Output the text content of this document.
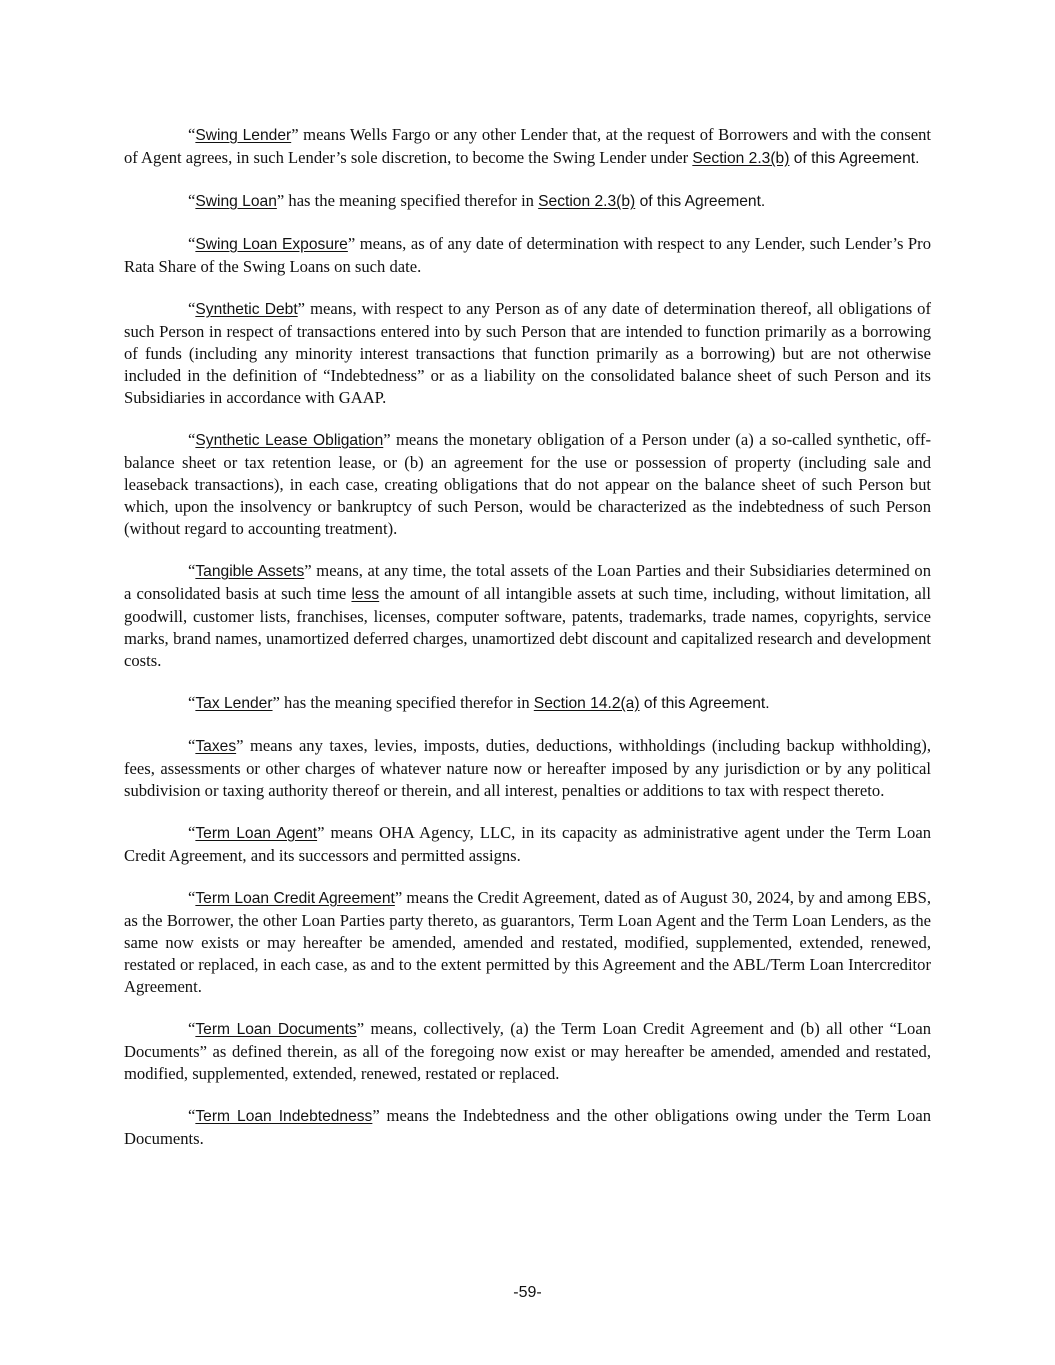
“Swing Lender” means Wells Fargo or any other Lender that, at the request of Borrowers and with the consent of Agent agrees, in such Lender’s sole discretion, to become the Swing Lender under Section 2.3(b) of this Agreement.

“Swing Loan” has the meaning specified therefor in Section 2.3(b) of this Agreement.

“Swing Loan Exposure” means, as of any date of determination with respect to any Lender, such Lender’s Pro Rata Share of the Swing Loans on such date.

“Synthetic Debt” means, with respect to any Person as of any date of determination thereof, all obligations of such Person in respect of transactions entered into by such Person that are intended to function primarily as a borrowing of funds (including any minority interest transactions that function primarily as a borrowing) but are not otherwise included in the definition of “Indebtedness” or as a liability on the consolidated balance sheet of such Person and its Subsidiaries in accordance with GAAP.

“Synthetic Lease Obligation” means the monetary obligation of a Person under (a) a so-called synthetic, off-balance sheet or tax retention lease, or (b) an agreement for the use or possession of property (including sale and leaseback transactions), in each case, creating obligations that do not appear on the balance sheet of such Person but which, upon the insolvency or bankruptcy of such Person, would be characterized as the indebtedness of such Person (without regard to accounting treatment).

“Tangible Assets” means, at any time, the total assets of the Loan Parties and their Subsidiaries determined on a consolidated basis at such time less the amount of all intangible assets at such time, including, without limitation, all goodwill, customer lists, franchises, licenses, computer software, patents, trademarks, trade names, copyrights, service marks, brand names, unamortized deferred charges, unamortized debt discount and capitalized research and development costs.

“Tax Lender” has the meaning specified therefor in Section 14.2(a) of this Agreement.

“Taxes” means any taxes, levies, imposts, duties, deductions, withholdings (including backup withholding), fees, assessments or other charges of whatever nature now or hereafter imposed by any jurisdiction or by any political subdivision or taxing authority thereof or therein, and all interest, penalties or additions to tax with respect thereto.

“Term Loan Agent” means OHA Agency, LLC, in its capacity as administrative agent under the Term Loan Credit Agreement, and its successors and permitted assigns.

“Term Loan Credit Agreement” means the Credit Agreement, dated as of August 30, 2024, by and among EBS, as the Borrower, the other Loan Parties party thereto, as guarantors, Term Loan Agent and the Term Loan Lenders, as the same now exists or may hereafter be amended, amended and restated, modified, supplemented, extended, renewed, restated or replaced, in each case, as and to the extent permitted by this Agreement and the ABL/Term Loan Intercreditor Agreement.

“Term Loan Documents” means, collectively, (a) the Term Loan Credit Agreement and (b) all other “Loan Documents” as defined therein, as all of the foregoing now exist or may hereafter be amended, amended and restated, modified, supplemented, extended, renewed, restated or replaced.

“Term Loan Indebtedness” means the Indebtedness and the other obligations owing under the Term Loan Documents.

-59-
